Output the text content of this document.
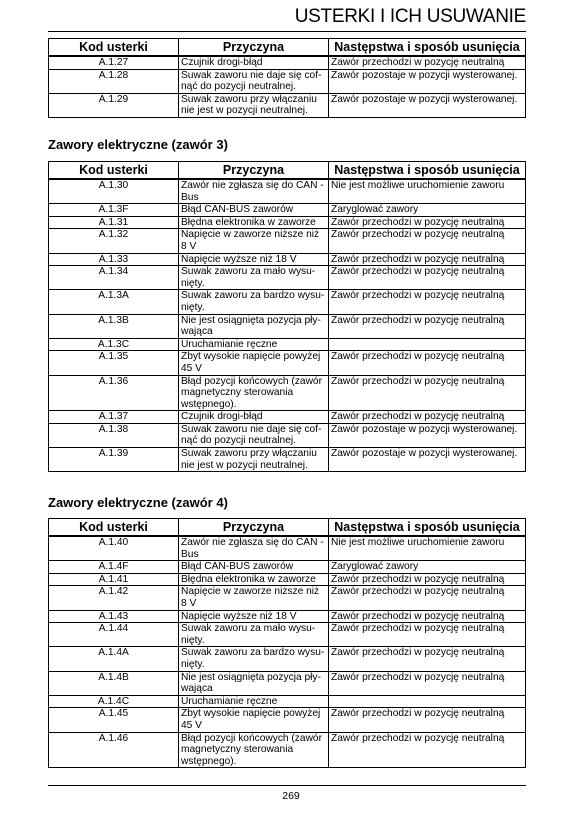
USTERKI I ICH USUWANIE
Kod usterki	Przyczyna	Następstwa i sposób usunięcia
A.1.27	Czujnik drogi-błąd	Zawór przechodzi w pozycję neutralną
A.1.28	Suwak zaworu nie daje się cof-nąć do pozycji neutralnej.	Zawór pozostaje w pozycji wysterowanej.
A.1.29	Suwak zaworu przy włączaniu nie jest w pozycji neutralnej.	Zawór pozostaje w pozycji wysterowanej.
Zawory elektryczne (zawór 3)
Kod usterki	Przyczyna	Następstwa i sposób usunięcia
A.1.30	Zawór nie zgłasza się do CAN -Bus	Nie jest możliwe uruchomienie zaworu
A.1.3F	Błąd CAN-BUS zaworów	Zaryglować zawory
A.1.31	Błędna elektronika w zaworze	Zawór przechodzi w pozycję neutralną
A.1.32	Napięcie w zaworze niższe niż 8 V	Zawór przechodzi w pozycję neutralną
A.1.33	Napięcie wyższe niż 18 V	Zawór przechodzi w pozycję neutralną
A.1.34	Suwak zaworu za mało wysu-nięty.	Zawór przechodzi w pozycję neutralną
A.1.3A	Suwak zaworu za bardzo wysu-nięty.	Zawór przechodzi w pozycję neutralną
A.1.3B	Nie jest osiągnięta pozycja pły-wająca	Zawór przechodzi w pozycję neutralną
A.1.3C	Uruchamianie ręczne	
A.1.35	Zbyt wysokie napięcie powyżej 45 V	Zawór przechodzi w pozycję neutralną
A.1.36	Błąd pozycji końcowych (zawór magnetyczny sterowania wstępnego).	Zawór przechodzi w pozycję neutralną
A.1.37	Czujnik drogi-błąd	Zawór przechodzi w pozycję neutralną
A.1.38	Suwak zaworu nie daje się cof-nąć do pozycji neutralnej.	Zawór pozostaje w pozycji wysterowanej.
A.1.39	Suwak zaworu przy włączaniu nie jest w pozycji neutralnej.	Zawór pozostaje w pozycji wysterowanej.
Zawory elektryczne (zawór 4)
Kod usterki	Przyczyna	Następstwa i sposób usunięcia
A.1.40	Zawór nie zgłasza się do CAN -Bus	Nie jest możliwe uruchomienie zaworu
A.1.4F	Błąd CAN-BUS zaworów	Zaryglować zawory
A.1.41	Błędna elektronika w zaworze	Zawór przechodzi w pozycję neutralną
A.1.42	Napięcie w zaworze niższe niż 8 V	Zawór przechodzi w pozycję neutralną
A.1.43	Napięcie wyższe niż 18 V	Zawór przechodzi w pozycję neutralną
A.1.44	Suwak zaworu za mało wysu-nięty.	Zawór przechodzi w pozycję neutralną
A.1.4A	Suwak zaworu za bardzo wysu-nięty.	Zawór przechodzi w pozycję neutralną
A.1.4B	Nie jest osiągnięta pozycja pły-wająca	Zawór przechodzi w pozycję neutralną
A.1.4C	Uruchamianie ręczne	
A.1.45	Zbyt wysokie napięcie powyżej 45 V	Zawór przechodzi w pozycję neutralną
A.1.46	Błąd pozycji końcowych (zawór magnetyczny sterowania wstępnego).	Zawór przechodzi w pozycję neutralną
269
